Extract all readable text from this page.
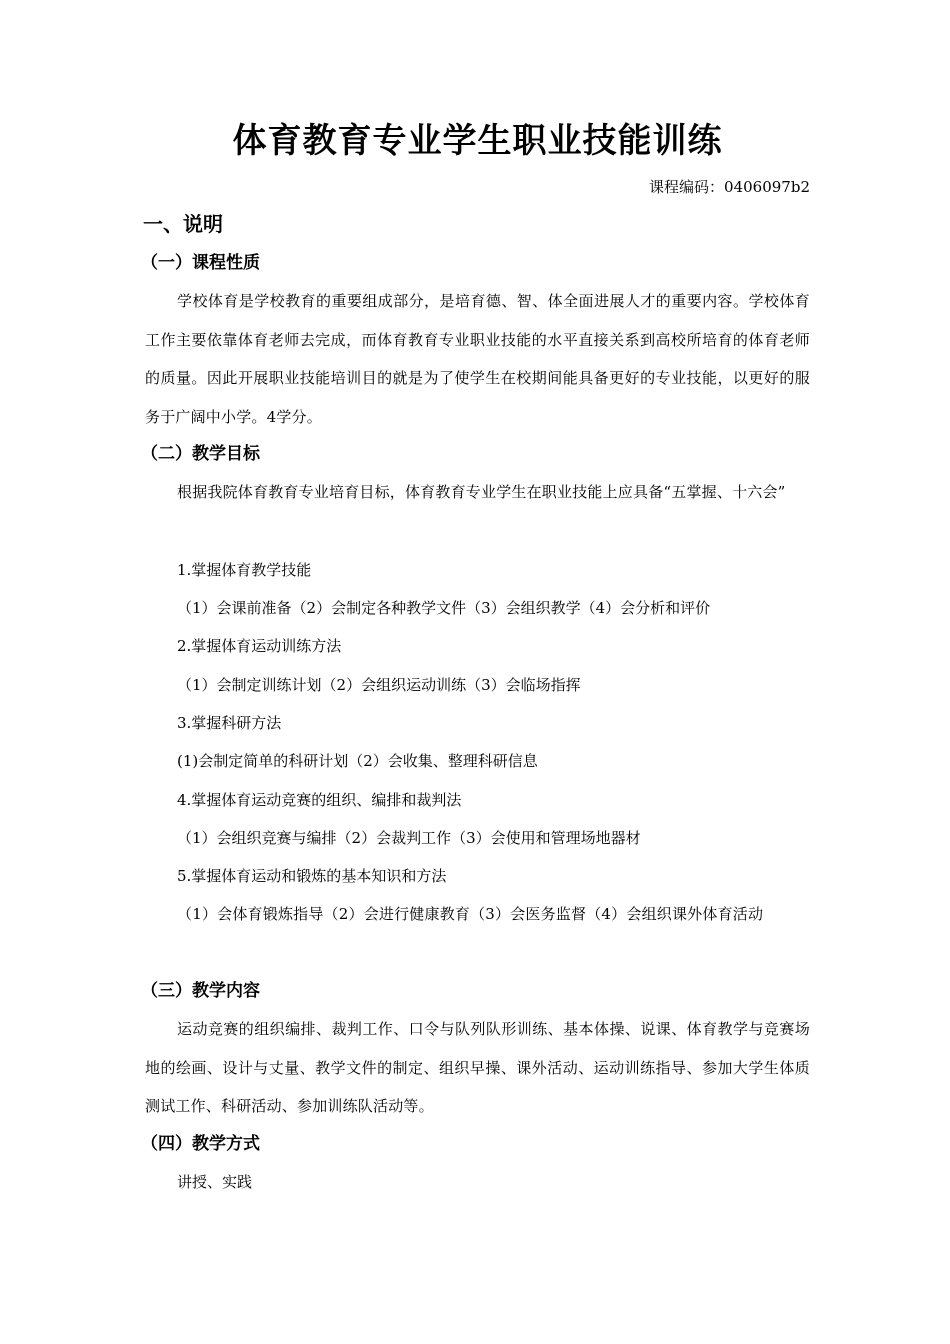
体育教育专业学生职业技能训练
课程编码：0406097b2
一、说明
（一）课程性质
学校体育是学校教育的重要组成部分，是培育德、智、体全面进展人才的重要内容。学校体育工作主要依靠体育老师去完成，而体育教育专业职业技能的水平直接关系到高校所培育的体育老师的质量。因此开展职业技能培训目的就是为了使学生在校期间能具备更好的专业技能，以更好的服务于广阔中小学。4学分。
（二）教学目标
根据我院体育教育专业培育目标，体育教育专业学生在职业技能上应具备“五掌握、十六会”
1.掌握体育教学技能
（1）会课前准备（2）会制定各种教学文件（3）会组织教学（4）会分析和评价
2.掌握体育运动训练方法
（1）会制定训练计划（2）会组织运动训练（3）会临场指挥
3.掌握科研方法
(1)会制定简单的科研计划（2）会收集、整理科研信息
4.掌握体育运动竞赛的组织、编排和裁判法
（1）会组织竞赛与编排（2）会裁判工作（3）会使用和管理场地器材
5.掌握体育运动和锻炼的基本知识和方法
（1）会体育锻炼指导（2）会进行健康教育（3）会医务监督（4）会组织课外体育活动
（三）教学内容
运动竞赛的组织编排、裁判工作、口令与队列队形训练、基本体操、说课、体育教学与竞赛场地的绘画、设计与丈量、教学文件的制定、组织早操、课外活动、运动训练指导、参加大学生体质测试工作、科研活动、参加训练队活动等。
（四）教学方式
讲授、实践
